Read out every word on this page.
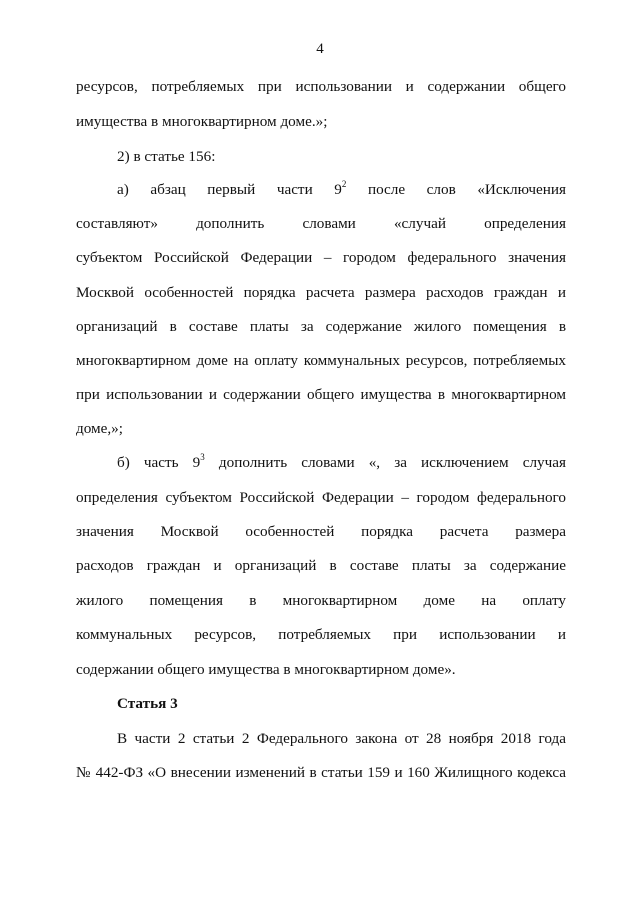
4
ресурсов, потребляемых при использовании и содержании общего
имущества в многоквартирном доме.»;
2) в статье 156:
а) абзац первый части $9^2$ после слов «Исключения
составляют» дополнить словами «случай определения
субъектом Российской Федерации – городом федерального значения
Москвой особенностей порядка расчета размера расходов граждан и
организаций в составе платы за содержание жилого помещения в
многоквартирном доме на оплату коммунальных ресурсов, потребляемых
при использовании и содержании общего имущества в многоквартирном
доме,»;
б) часть $9^3$ дополнить словами «, за исключением случая
определения субъектом Российской Федерации – городом федерального
значения Москвой особенностей порядка расчета размера
расходов граждан и организаций в составе платы за содержание
жилого помещения в многоквартирном доме на оплату
коммунальных ресурсов, потребляемых при использовании и
содержании общего имущества в многоквартирном доме».
Статья 3
В части 2 статьи 2 Федерального закона от 28 ноября 2018 года
№ 442-ФЗ «О внесении изменений в статьи 159 и 160 Жилищного кодекса
